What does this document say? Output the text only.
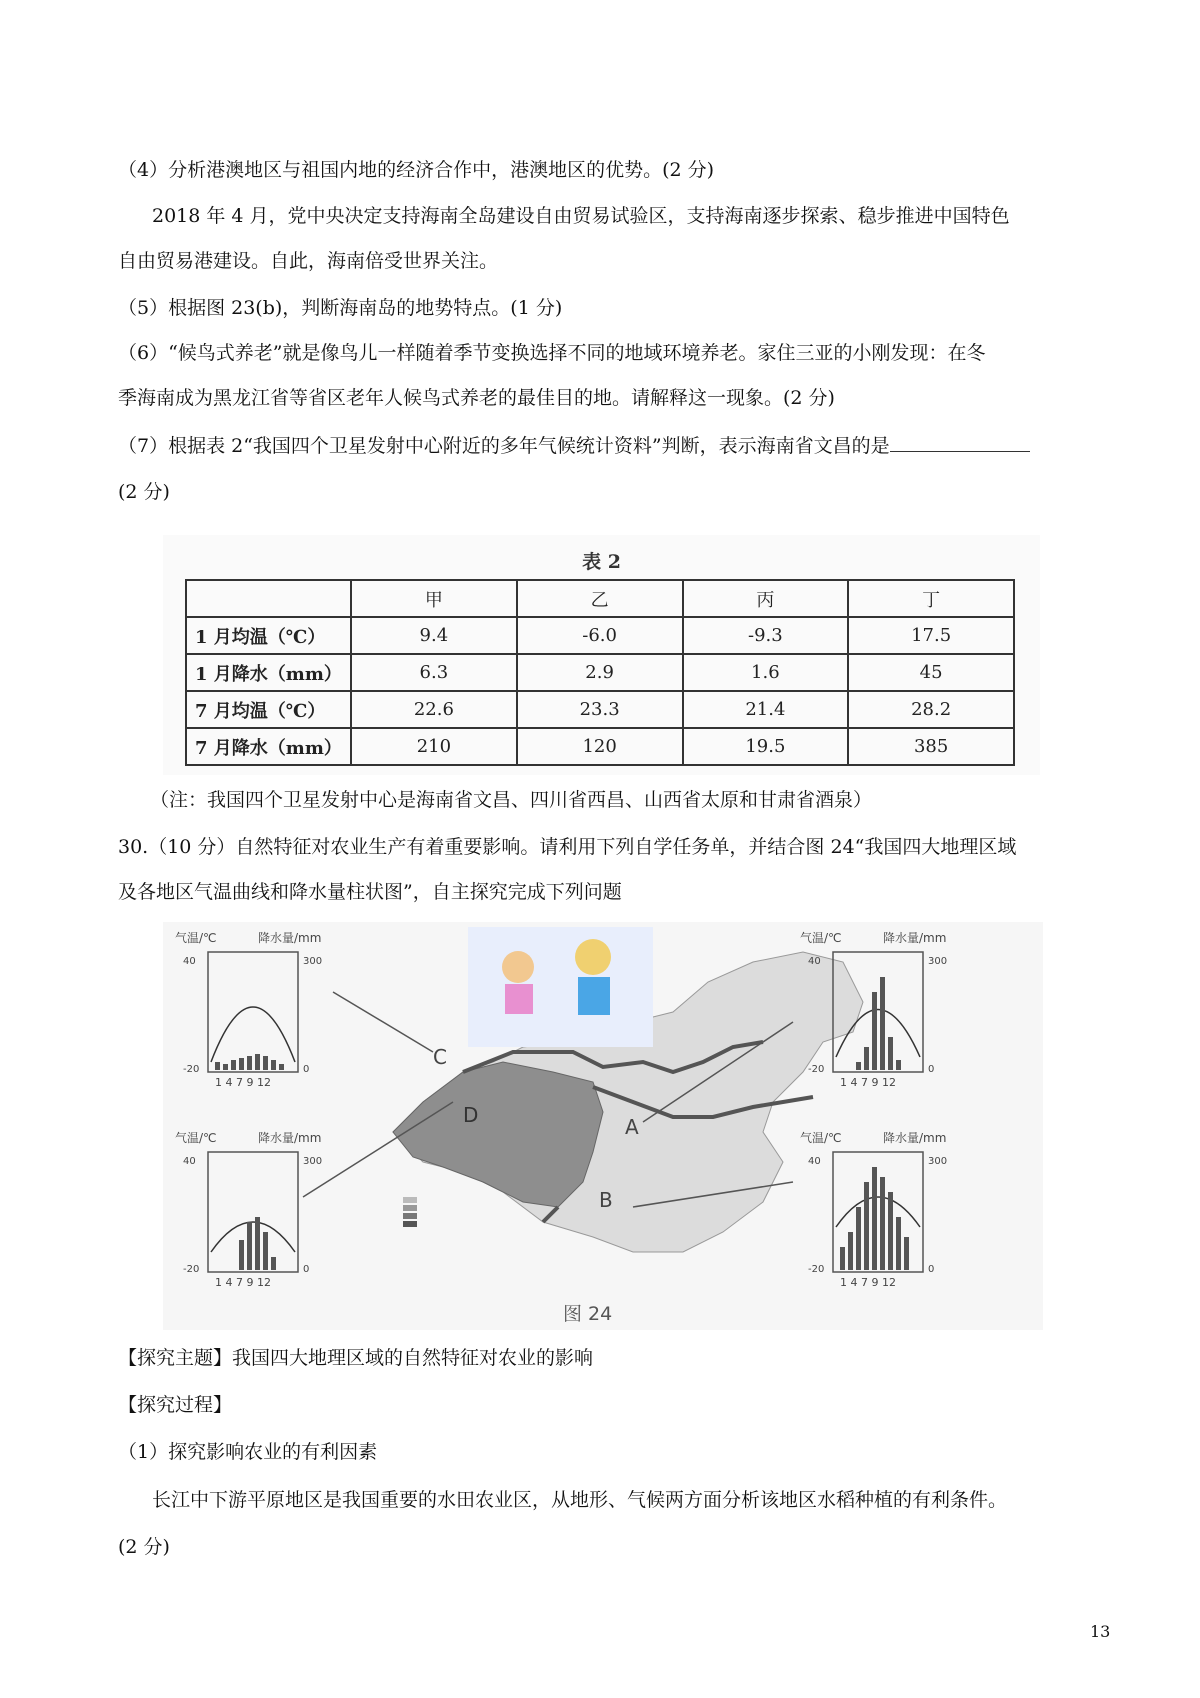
（4）分析港澳地区与祖国内地的经济合作中，港澳地区的优势。(2 分)
2018 年 4 月，党中央决定支持海南全岛建设自由贸易试验区，支持海南逐步探索、稳步推进中国特色
自由贸易港建设。自此，海南倍受世界关注。
（5）根据图 23(b)，判断海南岛的地势特点。(1 分)
（6）“候鸟式养老”就是像鸟儿一样随着季节变换选择不同的地域环境养老。家住三亚的小刚发现：在冬
季海南成为黑龙江省等省区老年人候鸟式养老的最佳目的地。请解释这一现象。(2 分)
（7）根据表 2“我国四个卫星发射中心附近的多年气候统计资料”判断，表示海南省文昌的是
(2 分)
表 2
	甲	乙	丙	丁
1 月均温（℃）	9.4	-6.0	-9.3	17.5
1 月降水（mm）	6.3	2.9	1.6	45
7 月均温（℃）	22.6	23.3	21.4	28.2
7 月降水（mm）	210	120	19.5	385
（注：我国四个卫星发射中心是海南省文昌、四川省西昌、山西省太原和甘肃省酒泉）
30.（10 分）自然特征对农业生产有着重要影响。请利用下列自学任务单，并结合图 24“我国四大地理区域
及各地区气温曲线和降水量柱状图”，自主探究完成下列问题
A
B
C
D
气温/℃	降水量/mm
1 4 7 9 12
40
-20
300
0
气温/℃	降水量/mm
1 4 7 9 12
40
-20
300
0
气温/℃	降水量/mm
1 4 7 9 12
40
-20
300
0
气温/℃	降水量/mm
1 4 7 9 12
40
-20
300
0
图 24
【探究主题】我国四大地理区域的自然特征对农业的影响
【探究过程】
（1）探究影响农业的有利因素
长江中下游平原地区是我国重要的水田农业区，从地形、气候两方面分析该地区水稻种植的有利条件。
(2 分)
13
